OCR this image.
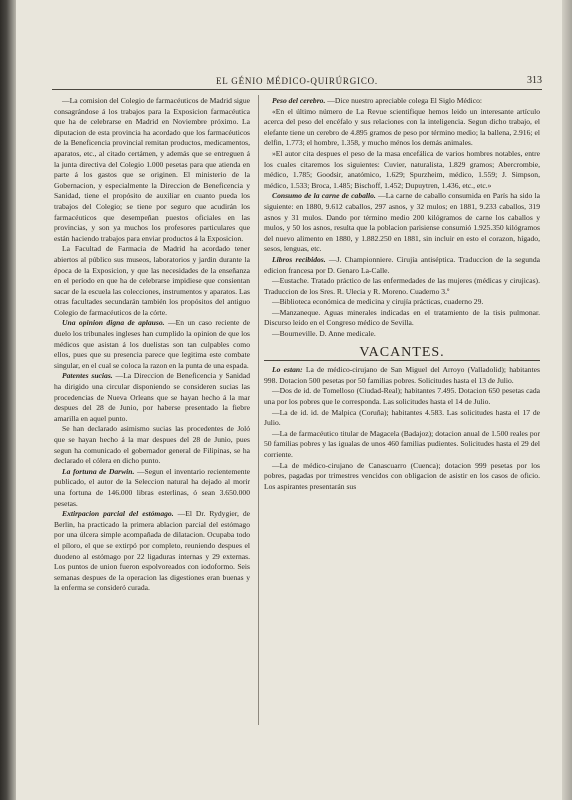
EL GÉNIO MÉDICO-QUIRÚRGICO.	313

—La comision del Colegio de farmacéuticos de Madrid sigue consagrándose á los trabajos para la Exposicion farmacéutica que ha de celebrarse en Madrid en Noviembre próximo. La diputacion de esta provincia ha acordado que los farmacéuticos de la Beneficencia provincial remitan productos, medicamentos, aparatos, etc., al citado certámen, y además que se entreguen á la junta directiva del Colegio 1.000 pesetas para que atienda en parte á los gastos que se originen. El ministerio de la Gobernacion, y especialmente la Direccion de Beneficencia y Sanidad, tiene el propósito de auxiliar en cuanto pueda los trabajos del Colegio; se tiene por seguro que acudirán los farmacéuticos que desempeñan puestos oficiales en las provincias, y son ya muchos los profesores particulares que están haciendo trabajos para enviar productos á la Exposicion.

La Facultad de Farmacia de Madrid ha acordado tener abiertos al público sus museos, laboratorios y jardin durante la época de la Exposicion, y que las necesidades de la enseñanza en el período en que ha de celebrarse impidiese que consientan sacar de la escuela las colecciones, instrumentos y aparatos. Las otras facultades secundarán también los propósitos del antiguo Colegio de farmacéuticos de la córte.

Una opinion digna de aplauso. —En un caso reciente de duelo los tribunales ingleses han cumplido la opinion de que los médicos que asistan á los duelistas son tan culpables como ellos, pues que su presencia parece que legitima este combate singular, en el cual se coloca la razon en la punta de una espada.

Patentes sucias. —La Direccion de Beneficencia y Sanidad ha dirigido una circular disponiendo se consideren sucias las procedencias de Nueva Orleans que se hayan hecho á la mar despues del 28 de Junio, por haberse presentado la fiebre amarilla en aquel punto.

Se han declarado asimismo sucias las procedentes de Joló que se hayan hecho á la mar despues del 28 de Junio, pues segun ha comunicado el gobernador general de Filipinas, se ha declarado el cólera en dicho punto.

La fortuna de Darwin. —Segun el inventario recientemente publicado, el autor de la Seleccion natural ha dejado al morir una fortuna de 146.000 libras esterlinas, ó sean 3.650.000 pesetas.

Extirpacion parcial del estómago. —El Dr. Rydygier, de Berlin, ha practicado la primera ablacion parcial del estómago por una úlcera simple acompañada de dilatacion. Ocupaba todo el píloro, el que se extirpó por completo, reuniendo despues el duodeno al estómago por 22 ligaduras internas y 29 externas. Los puntos de union fueron espolvoreados con iodoformo. Seis semanas despues de la operacion las digestiones eran buenas y la enferma se consideró curada.

Peso del cerebro. —Dice nuestro apreciable colega El Siglo Médico:

«En el último número de La Revue scientifique hemos leido un interesante artículo acerca del peso del encéfalo y sus relaciones con la inteligencia. Segun dicho trabajo, el elefante tiene un cerebro de 4.895 gramos de peso por término medio; la ballena, 2.916; el delfin, 1.773; el hombre, 1.358, y mucho ménos los demás animales.

»El autor cita despues el peso de la masa encefálica de varios hombres notables, entre los cuales citaremos los siguientes: Cuvier, naturalista, 1.829 gramos; Abercrombie, médico, 1.785; Goodsir, anatómico, 1.629; Spurzheim, médico, 1.559; J. Simpson, médico, 1.533; Broca, 1.485; Bischoff, 1.452; Dupuytren, 1.436, etc., etc.»

Consumo de la carne de caballo. —La carne de caballo consumida en París ha sido la siguiente: en 1880, 9.612 caballos, 297 asnos, y 32 mulos; en 1881, 9.233 caballos, 319 asnos y 31 mulos. Dando por término medio 200 kilógramos de carne los caballos y mulos, y 50 los asnos, resulta que la poblacion parisiense consumió 1.925.350 kilógramos del nuevo alimento en 1880, y 1.882.250 en 1881, sin incluir en esto el corazon, hígado, sesos, lenguas, etc.

Libros recibidos. —J. Championniere. Cirujía antiséptica. Traduccion de la segunda edicion francesa por D. Genaro La-Calle.

—Eustache. Tratado práctico de las enfermedades de las mujeres (médicas y cirujicas). Traduccion de los Sres. R. Ulecia y R. Moreno. Cuaderno 3.º

—Biblioteca económica de medicina y cirujía prácticas, cuaderno 29.

—Manzaneque. Aguas minerales indicadas en el tratamiento de la tisis pulmonar. Discurso leido en el Congreso médico de Sevilla.

—Bourneville. D. Anne medicale.

VACANTES.

Lo estan: La de médico-cirujano de San Miguel del Arroyo (Valladolid); habitantes 998. Dotacion 500 pesetas por 50 familias pobres. Solicitudes hasta el 13 de Julio.

—Dos de id. de Tomelloso (Ciudad-Real); habitantes 7.495. Dotacion 650 pesetas cada una por los pobres que le corresponda. Las solicitudes hasta el 14 de Julio.

—La de id. id. de Malpica (Coruña); habitantes 4.583. Las solicitudes hasta el 17 de Julio.

—La de farmacéutico titular de Magacela (Badajoz); dotacion anual de 1.500 reales por 50 familias pobres y las igualas de unos 460 familias pudientes. Solicitudes hasta el 29 del corriente.

—La de médico-cirujano de Canascuarro (Cuenca); dotacion 999 pesetas por los pobres, pagadas por trimestres vencidos con obligacion de asistir en los casos de oficio. Los aspirantes presentarán sus
